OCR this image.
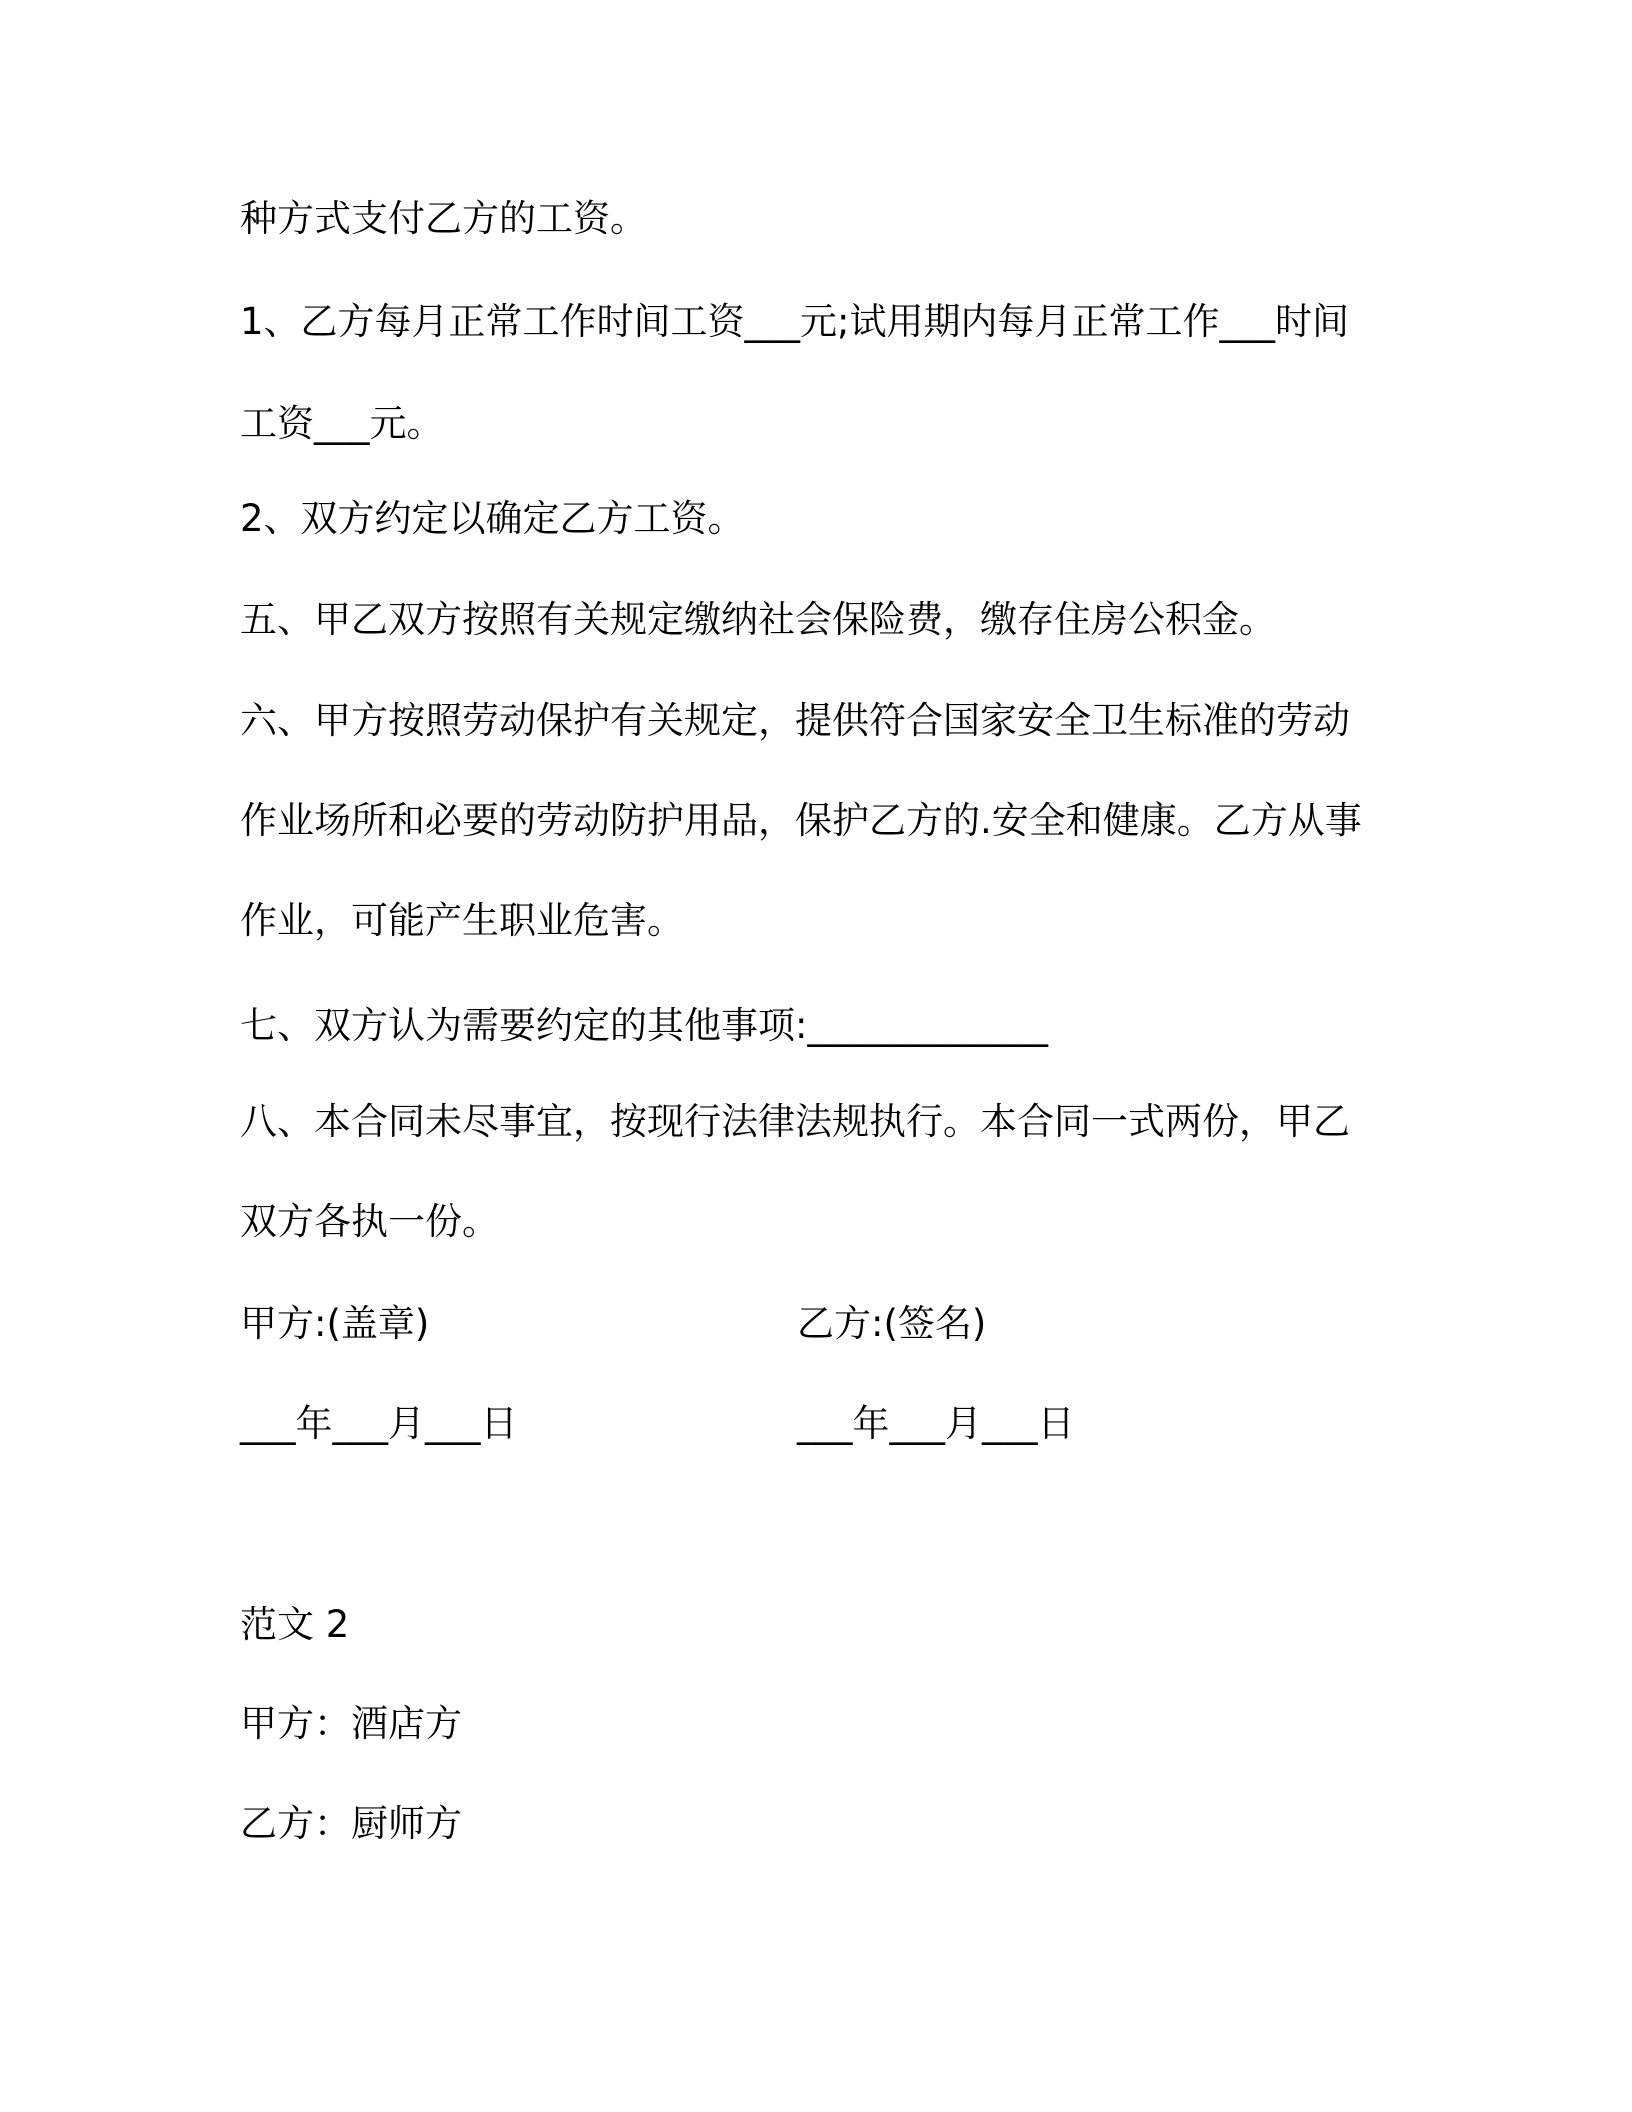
种方式支付乙方的工资。
1、乙方每月正常工作时间工资___元;试用期内每月正常工作___时间
工资___元。
2、双方约定以确定乙方工资。
五、甲乙双方按照有关规定缴纳社会保险费，缴存住房公积金。
六、甲方按照劳动保护有关规定，提供符合国家安全卫生标准的劳动
作业场所和必要的劳动防护用品，保护乙方的.安全和健康。乙方从事
作业，可能产生职业危害。
七、双方认为需要约定的其他事项:_____________
八、本合同未尽事宜，按现行法律法规执行。本合同一式两份，甲乙
双方各执一份。
甲方:(盖章)	乙方:(签名)
___年___月___日	___年___月___日
范文 2
甲方：酒店方
乙方：厨师方
